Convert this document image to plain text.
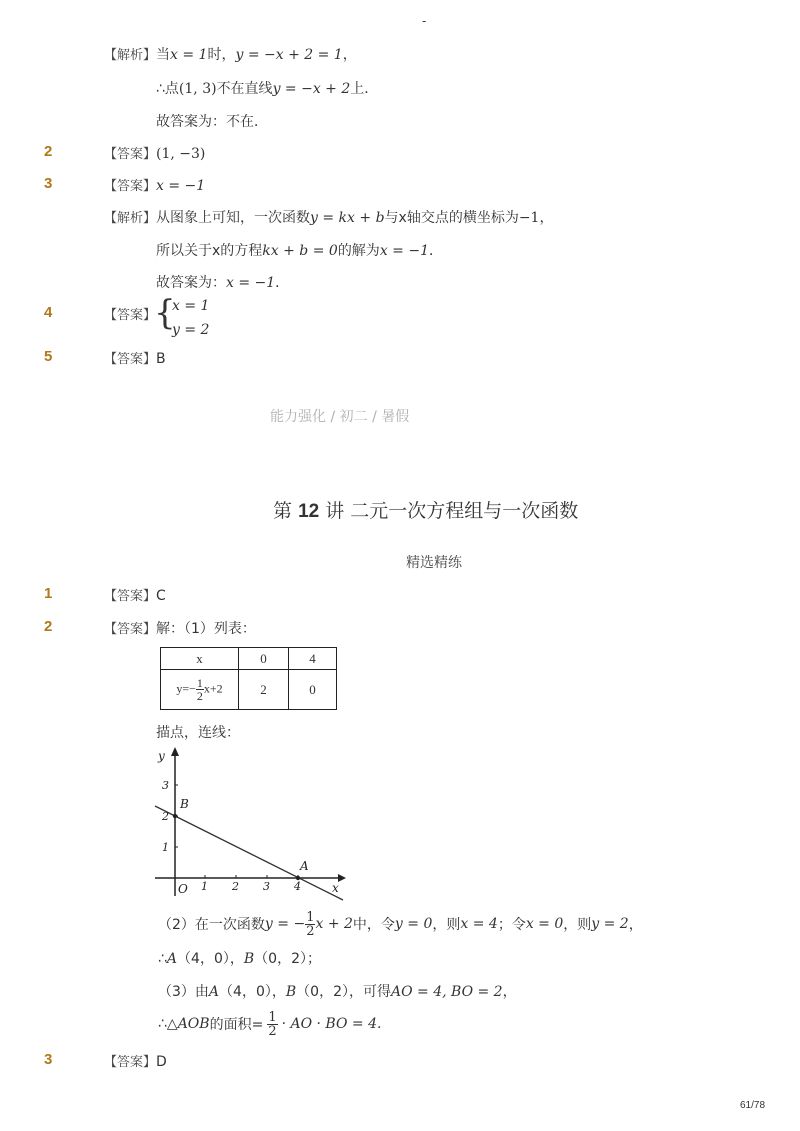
-
【解析】当x = 1时，y = −x + 2 = 1，
∴点(1, 3)不在直线y = −x + 2上．
故答案为：不在．
2	【答案】(1, −3)
3	【答案】x = −1
【解析】从图象上可知，一次函数y = kx + b与x轴交点的横坐标为−1，
所以关于x的方程kx + b = 0的解为x = −1．
故答案为：x = −1．
4	【答案】
{
x = 1
y = 2
5	【答案】B
能力强化 / 初二 / 暑假
第 12 讲 二元一次方程组与一次函数
精选精练
1	【答案】C
2	【答案】解：（1）列表：
x	0	4
$y=- \frac{1}{2} x+2$	2	0
描点，连线：
y
x
O
B
A
1 2 3 4
1
2
3
（2）在一次函数 y = − $\frac{1}{2}$ x + 2 中，令 y = 0 ，则 x = 4 ；令 x = 0 ，则 y = 2 ，
∴A（4，0），B（0，2）；
（3）由A（4，0），B（0，2），可得AO = 4, BO = 2，
∴△ AOB 的面积= $\frac{1}{2}$ · AO · BO = 4.
3	【答案】D
61/78
